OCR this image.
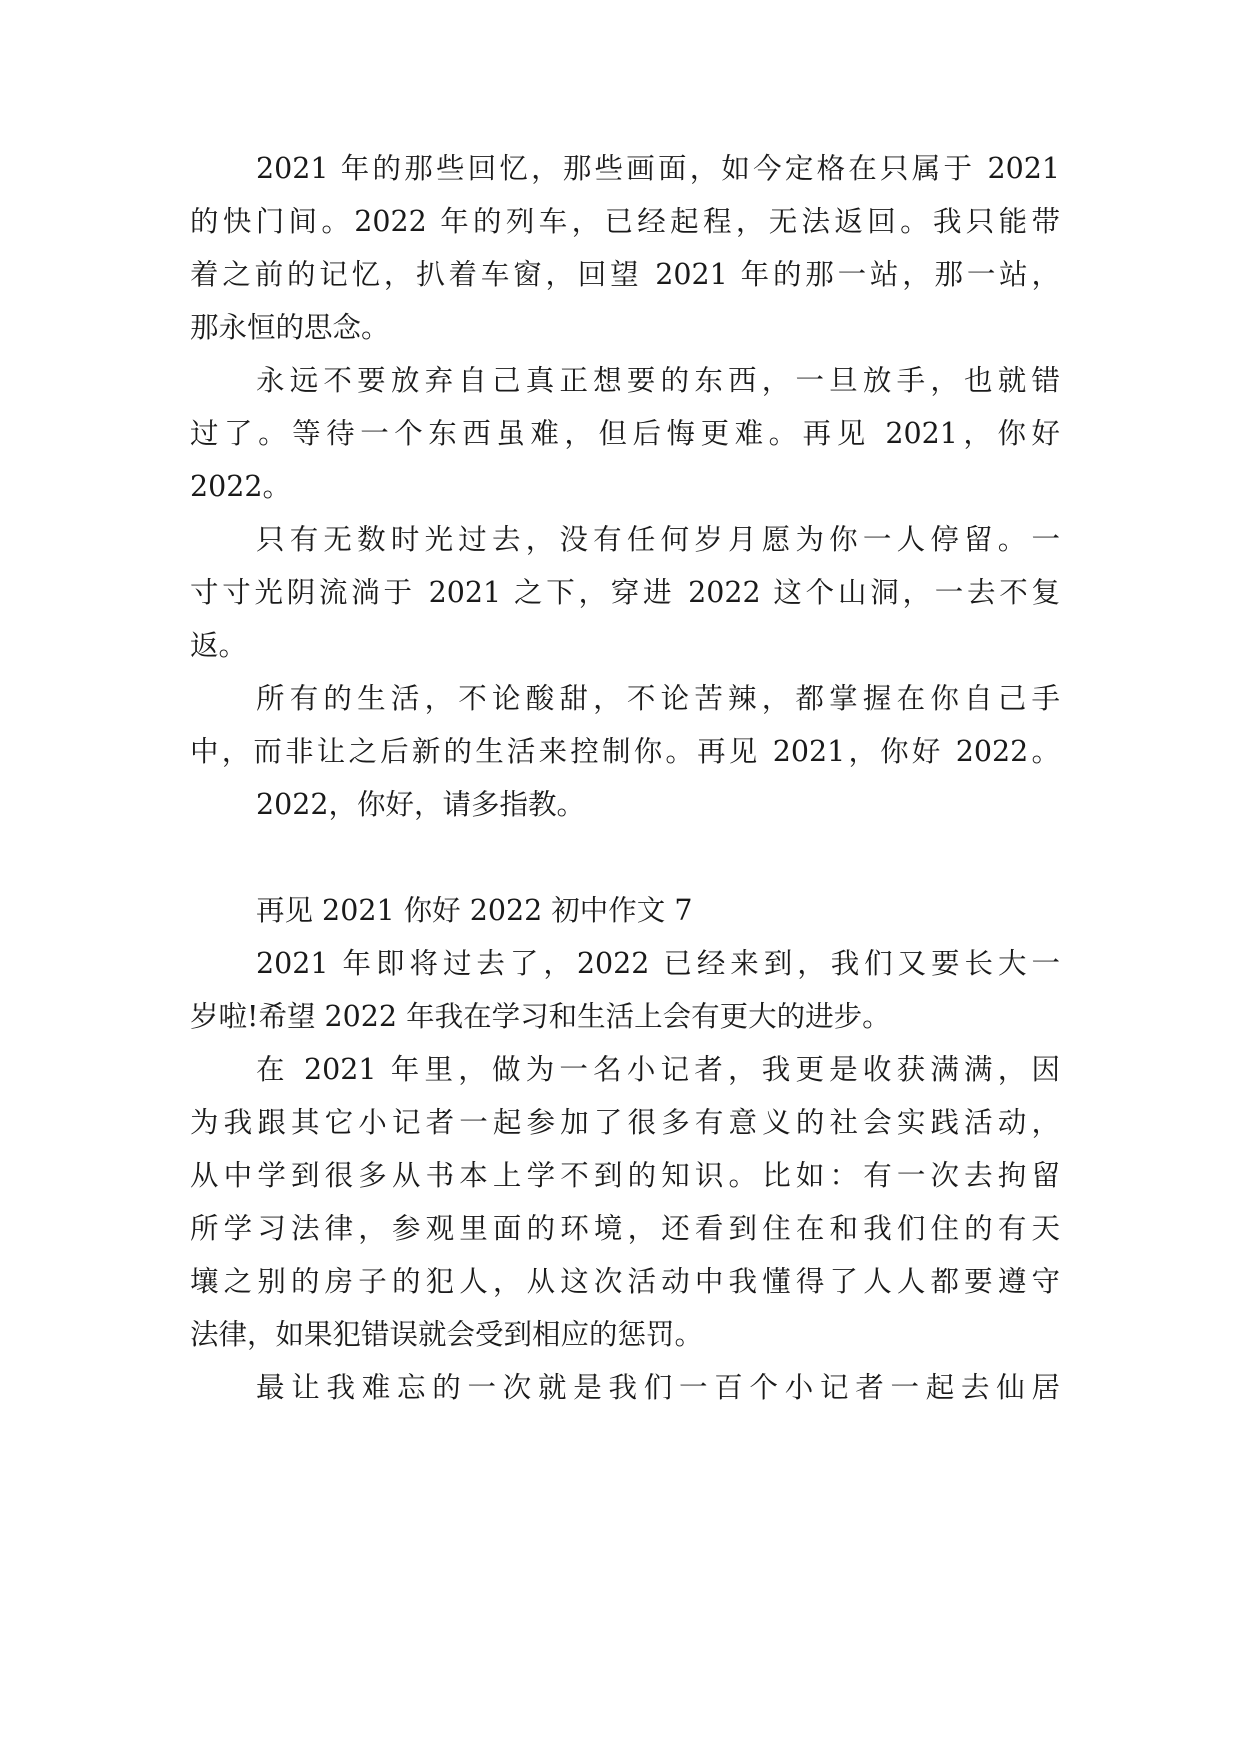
2021 年的那些回忆，那些画面，如今定格在只属于 2021
的快门间。2022 年的列车，已经起程，无法返回。我只能带
着之前的记忆，扒着车窗，回望 2021 年的那一站，那一站，
那永恒的思念。
永远不要放弃自己真正想要的东西，一旦放手，也就错
过了。等待一个东西虽难，但后悔更难。再见 2021，你好
2022。
只有无数时光过去，没有任何岁月愿为你一人停留。一
寸寸光阴流淌于 2021 之下，穿进 2022 这个山洞，一去不复
返。
所有的生活，不论酸甜，不论苦辣，都掌握在你自己手
中，而非让之后新的生活来控制你。再见 2021，你好 2022。
2022，你好，请多指教。
再见 2021 你好 2022 初中作文 7
2021 年即将过去了，2022 已经来到，我们又要长大一
岁啦!希望 2022 年我在学习和生活上会有更大的进步。
在 2021 年里，做为一名小记者，我更是收获满满，因
为我跟其它小记者一起参加了很多有意义的社会实践活动，
从中学到很多从书本上学不到的知识。比如：有一次去拘留
所学习法律，参观里面的环境，还看到住在和我们住的有天
壤之别的房子的犯人，从这次活动中我懂得了人人都要遵守
法律，如果犯错误就会受到相应的惩罚。
最让我难忘的一次就是我们一百个小记者一起去仙居
